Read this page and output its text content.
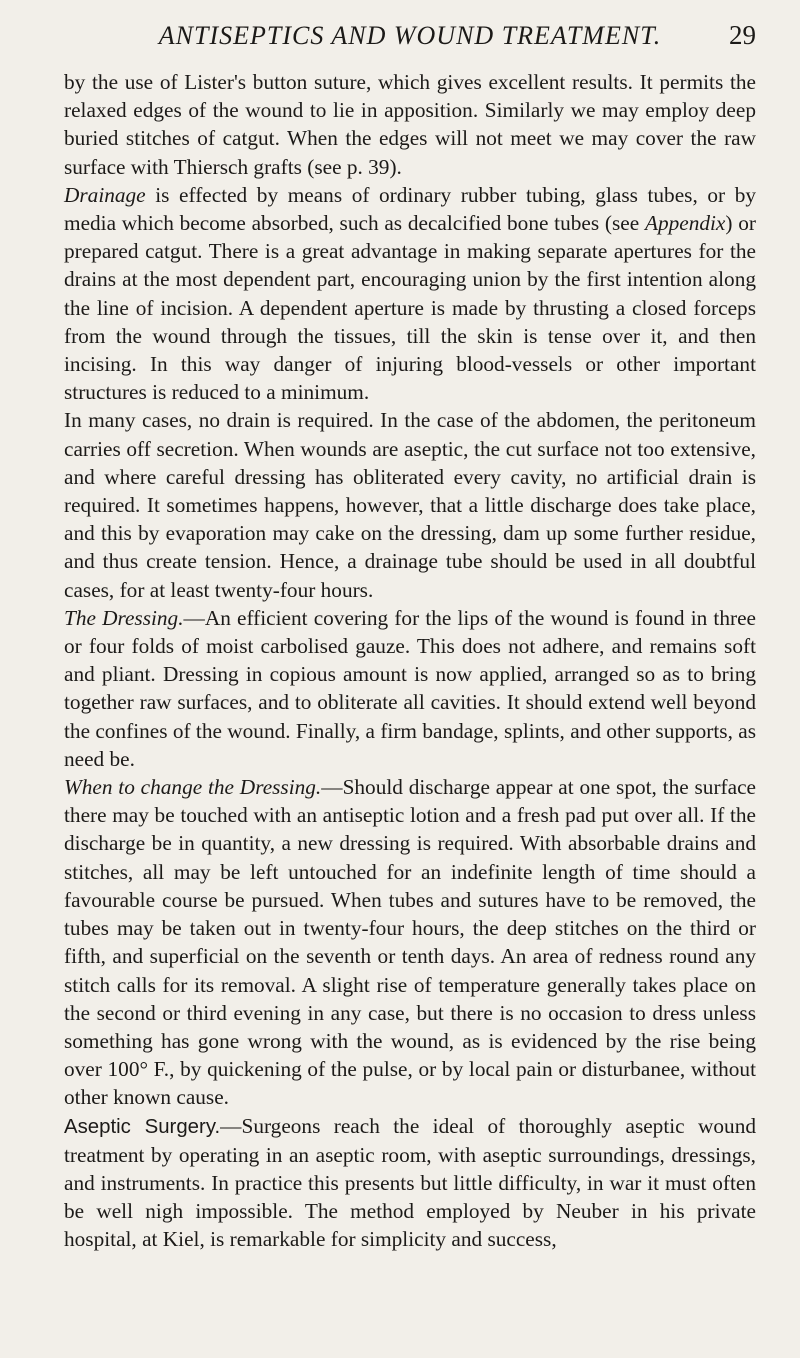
ANTISEPTICS AND WOUND TREATMENT.	29

by the use of Lister's button suture, which gives excellent results. It permits the relaxed edges of the wound to lie in apposition. Similarly we may employ deep buried stitches of catgut. When the edges will not meet we may cover the raw surface with Thiersch grafts (see p. 39).

Drainage is effected by means of ordinary rubber tubing, glass tubes, or by media which become absorbed, such as decalcified bone tubes (see Appendix) or prepared catgut. There is a great advantage in making separate apertures for the drains at the most dependent part, encouraging union by the first intention along the line of incision. A dependent aperture is made by thrusting a closed forceps from the wound through the tissues, till the skin is tense over it, and then incising. In this way danger of injuring blood-vessels or other important structures is reduced to a minimum.

In many cases, no drain is required. In the case of the abdomen, the peritoneum carries off secretion. When wounds are aseptic, the cut surface not too extensive, and where careful dressing has obliterated every cavity, no artificial drain is required. It sometimes happens, however, that a little discharge does take place, and this by evaporation may cake on the dressing, dam up some further residue, and thus create tension. Hence, a drainage tube should be used in all doubtful cases, for at least twenty-four hours.

The Dressing.—An efficient covering for the lips of the wound is found in three or four folds of moist carbolised gauze. This does not adhere, and remains soft and pliant. Dressing in copious amount is now applied, arranged so as to bring together raw surfaces, and to obliterate all cavities. It should extend well beyond the confines of the wound. Finally, a firm bandage, splints, and other supports, as need be.

When to change the Dressing.—Should discharge appear at one spot, the surface there may be touched with an antiseptic lotion and a fresh pad put over all. If the discharge be in quantity, a new dressing is required. With absorbable drains and stitches, all may be left untouched for an indefinite length of time should a favourable course be pursued. When tubes and sutures have to be removed, the tubes may be taken out in twenty-four hours, the deep stitches on the third or fifth, and superficial on the seventh or tenth days. An area of redness round any stitch calls for its removal. A slight rise of temperature generally takes place on the second or third evening in any case, but there is no occasion to dress unless something has gone wrong with the wound, as is evidenced by the rise being over 100° F., by quickening of the pulse, or by local pain or disturbanee, without other known cause.

Aseptic Surgery.—Surgeons reach the ideal of thoroughly aseptic wound treatment by operating in an aseptic room, with aseptic surroundings, dressings, and instruments. In practice this presents but little difficulty, in war it must often be well nigh impossible. The method employed by Neuber in his private hospital, at Kiel, is remarkable for simplicity and success,
